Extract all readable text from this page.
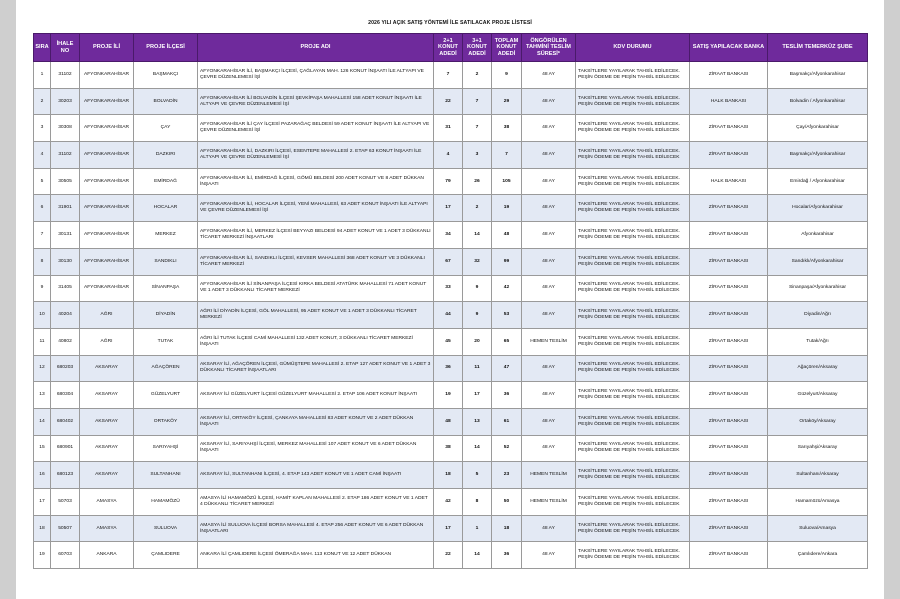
2026 YILI AÇIK SATIŞ YÖNTEMİ İLE SATILACAK PROJE LİSTESİ
SIRA	İHALE NO	PROJE İLİ	PROJE İLÇESİ	PROJE ADI	2+1 KONUT ADEDİ	3+1 KONUT ADEDİ	TOPLAM KONUT ADEDİ	ÖNGÖRÜLEN TAHMİNİ TESLİM SÜRESİ*	KDV DURUMU	SATIŞ YAPILACAK BANKA	TESLİM TEMERKÜZ ŞUBE
1	31102	AFYONKARAHİSAR	BAŞMAKÇI	AFYONKARAHİSAR İLİ, BAŞMAKÇI İLÇESİ, ÇAĞLAYAN MAH. 126 KONUT İNŞAATI İLE ALTYAPI VE ÇEVRE DÜZENLEMESİ İŞİ	7	2	9	48 AY	TAKSİTLERE YAYILARAK TAHSİL EDİLECEK. PEŞİN ÖDEME DE PEŞİN TAHSİL EDİLECEK	ZİRAAT BANKASI	Başmakçı/Afyonkarahisar
2	30203	AFYONKARAHİSAR	BOLVADİN	AFYONKARAHİSAR İLİ BOLVADİN İLÇESİ ŞEVKİPAŞA MAHALLESİ 158 ADET KONUT İNŞAATI İLE ALTYAPI VE ÇEVRE DÜZENLEMESİ İŞİ	22	7	29	48 AY	TAKSİTLERE YAYILARAK TAHSİL EDİLECEK. PEŞİN ÖDEME DE PEŞİN TAHSİL EDİLECEK	HALK BANKASI	Bolvadin / Afyonkarahisar
3	30308	AFYONKARAHİSAR	ÇAY	AFYONKARAHİSAR İLİ ÇAY İLÇESİ PAZARAĞAÇ BELDESİ 59 ADET KONUT İNŞAATI İLE ALTYAPI VE ÇEVRE DÜZENLEMESİ İŞİ	31	7	38	48 AY	TAKSİTLERE YAYILARAK TAHSİL EDİLECEK. PEŞİN ÖDEME DE PEŞİN TAHSİL EDİLECEK	ZİRAAT BANKASI	Çay/Afyonkarahisar
4	31102	AFYONKARAHİSAR	DAZKIRI	AFYONKARAHİSAR İLİ, DAZKIRI İLÇESİ, ESENTEPE MAHALLESİ 2. ETAP 63 KONUT İNŞAATI İLE ALTYAPI VE ÇEVRE DÜZENLEMESİ İŞİ	4	3	7	48 AY	TAKSİTLERE YAYILARAK TAHSİL EDİLECEK. PEŞİN ÖDEME DE PEŞİN TAHSİL EDİLECEK	ZİRAAT BANKASI	Başmakçı/Afyonkarahisar
5	30505	AFYONKARAHİSAR	EMİRDAĞ	AFYONKARAHİSAR İLİ, EMİRDAĞ İLÇESİ, GÖMÜ BELDESİ 200 ADET KONUT VE 8 ADET DÜKKAN İNŞAATI	79	26	105	48 AY	TAKSİTLERE YAYILARAK TAHSİL EDİLECEK. PEŞİN ÖDEME DE PEŞİN TAHSİL EDİLECEK	HALK BANKASI	Emirdağ / Afyonkarahisar
6	31901	AFYONKARAHİSAR	HOCALAR	AFYONKARAHİSAR İLİ, HOCALAR İLÇESİ, YENİ MAHALLESİ, 63 ADET KONUT İNŞAATI İLE ALTYAPI VE ÇEVRE DÜZENLEMESİ İŞİ	17	2	19	48 AY	TAKSİTLERE YAYILARAK TAHSİL EDİLECEK. PEŞİN ÖDEME DE PEŞİN TAHSİL EDİLECEK	ZİRAAT BANKASI	Hocalar/Afyonkarahisar
7	30131	AFYONKARAHİSAR	MERKEZ	AFYONKARAHİSAR İLİ, MERKEZ İLÇESİ BEYYAZI BELDESİ 94 ADET KONUT VE 1 ADET 3 DÜKKANLI TİCARET MERKEZİ İNŞAATLARI	34	14	48	48 AY	TAKSİTLERE YAYILARAK TAHSİL EDİLECEK. PEŞİN ÖDEME DE PEŞİN TAHSİL EDİLECEK	ZİRAAT BANKASI	Afyonkarahisar
8	30130	AFYONKARAHİSAR	SANDIKLI	AFYONKARAHİSAR İLİ, SANDIKLI İLÇESİ, KEVSER MAHALLESİ 368 ADET KONUT VE 3 DÜKKANLI TİCARET MERKEZİ	67	32	99	48 AY	TAKSİTLERE YAYILARAK TAHSİL EDİLECEK. PEŞİN ÖDEME DE PEŞİN TAHSİL EDİLECEK	ZİRAAT BANKASI	Sandıklı/Afyonkarahisar
9	31405	AFYONKARAHİSAR	SİNANPAŞA	AFYONKARAHİSAR İLİ SİNANPAŞA İLÇESİ KIRKA BELDESİ ATATÜRK MAHALLESİ 71 ADET KONUT VE 1 ADET 3 DÜKKANLI TİCARET MERKEZİ	33	9	42	48 AY	TAKSİTLERE YAYILARAK TAHSİL EDİLECEK. PEŞİN ÖDEME DE PEŞİN TAHSİL EDİLECEK	ZİRAAT BANKASI	Sinanpaşa/Afyonkarahisar
10	40204	AĞRI	DİYADİN	AĞRI İLİ DİYADİN İLÇESİ, GÖL MAHALLESİ, 95 ADET KONUT VE 1 ADET 3 DÜKKANLI TİCARET MERKEZİ	44	9	53	48 AY	TAKSİTLERE YAYILARAK TAHSİL EDİLECEK. PEŞİN ÖDEME DE PEŞİN TAHSİL EDİLECEK	ZİRAAT BANKASI	Diyadin/Ağrı
11	40802	AĞRI	TUTAK	AĞRI İLİ TUTAK İLÇESİ CAMİ MAHALLESİ 132 ADET KONUT, 3 DÜKKANLI TİCARET MERKEZİ İNŞAATI	45	20	65	HEMEN TESLİM	TAKSİTLERE YAYILARAK TAHSİL EDİLECEK. PEŞİN ÖDEME DE PEŞİN TAHSİL EDİLECEK	ZİRAAT BANKASI	Tutak/Ağrı
12	680203	AKSARAY	AĞAÇÖREN	AKSARAY İLİ, AĞAÇÖREN İLÇESİ, GÜMÜŞTEPE MAHALLESİ 2. ETAP 127 ADET KONUT VE 1 ADET 3 DÜKKANLI TİCARET İNŞAATLARI	36	11	47	48 AY	TAKSİTLERE YAYILARAK TAHSİL EDİLECEK. PEŞİN ÖDEME DE PEŞİN TAHSİL EDİLECEK	ZİRAAT BANKASI	Ağaçören/Aksaray
13	680304	AKSARAY	GÜZELYURT	AKSARAY İLİ GÜZELYURT İLÇESİ GÜZELYURT MAHALLESİ 2. ETAP 106 ADET KONUT İNŞAATI	19	17	36	48 AY	TAKSİTLERE YAYILARAK TAHSİL EDİLECEK. PEŞİN ÖDEME DE PEŞİN TAHSİL EDİLECEK	ZİRAAT BANKASI	Güzelyurt/Aksaray
14	680402	AKSARAY	ORTAKÖY	AKSARAY İLİ, ORTAKÖY İLÇESİ, ÇANKAYA MAHALLESİ 83 ADET KONUT VE 2 ADET DÜKKAN İNŞAATI	48	13	61	48 AY	TAKSİTLERE YAYILARAK TAHSİL EDİLECEK. PEŞİN ÖDEME DE PEŞİN TAHSİL EDİLECEK	ZİRAAT BANKASI	Ortaköy/Aksaray
15	680901	AKSARAY	SARIYAHŞİ	AKSARAY İLİ, SARIYAHŞİ İLÇESİ, MERKEZ MAHALLESİ 107 ADET KONUT VE 6 ADET DÜKKAN İNŞAATI	38	14	52	48 AY	TAKSİTLERE YAYILARAK TAHSİL EDİLECEK. PEŞİN ÖDEME DE PEŞİN TAHSİL EDİLECEK	ZİRAAT BANKASI	Sarıyahşi/Aksaray
16	680123	AKSARAY	SULTANHANI	AKSARAY İLİ, SULTANHANI İLÇESİ, 4. ETAP 143 ADET KONUT VE 1 ADET CAMİ İNŞAATI	18	5	23	HEMEN TESLİM	TAKSİTLERE YAYILARAK TAHSİL EDİLECEK. PEŞİN ÖDEME DE PEŞİN TAHSİL EDİLECEK	ZİRAAT BANKASI	Sultanhanı/Aksaray
17	50703	AMASYA	HAMAMÖZÜ	AMASYA İLİ HAMAMÖZÜ İLÇESİ, HAMİT KAPLAN MAHALLESİ 2. ETAP 186 ADET KONUT VE 1 ADET 4 DÜKKANLI TİCARET MERKEZİ	42	8	50	HEMEN TESLİM	TAKSİTLERE YAYILARAK TAHSİL EDİLECEK. PEŞİN ÖDEME DE PEŞİN TAHSİL EDİLECEK	ZİRAAT BANKASI	Hamamözü/Amasya
18	50507	AMASYA	SULUOVA	AMASYA İLİ SULUOVA İLÇESİ BORSA MAHALLESİ 4. ETAP 256 ADET KONUT VE 6 ADET DÜKKAN İNŞAATLARI	17	1	18	48 AY	TAKSİTLERE YAYILARAK TAHSİL EDİLECEK. PEŞİN ÖDEME DE PEŞİN TAHSİL EDİLECEK	ZİRAAT BANKASI	Suluova/Amasya
19	60703	ANKARA	ÇAMLIDERE	ANKARA İLİ ÇAMLIDERE İLÇESİ ÖMERAĞA MAH. 113 KONUT VE 12 ADET DÜKKAN	22	14	36	48 AY	TAKSİTLERE YAYILARAK TAHSİL EDİLECEK. PEŞİN ÖDEME DE PEŞİN TAHSİL EDİLECEK	ZİRAAT BANKASI	Çamlıdere/Ankara
